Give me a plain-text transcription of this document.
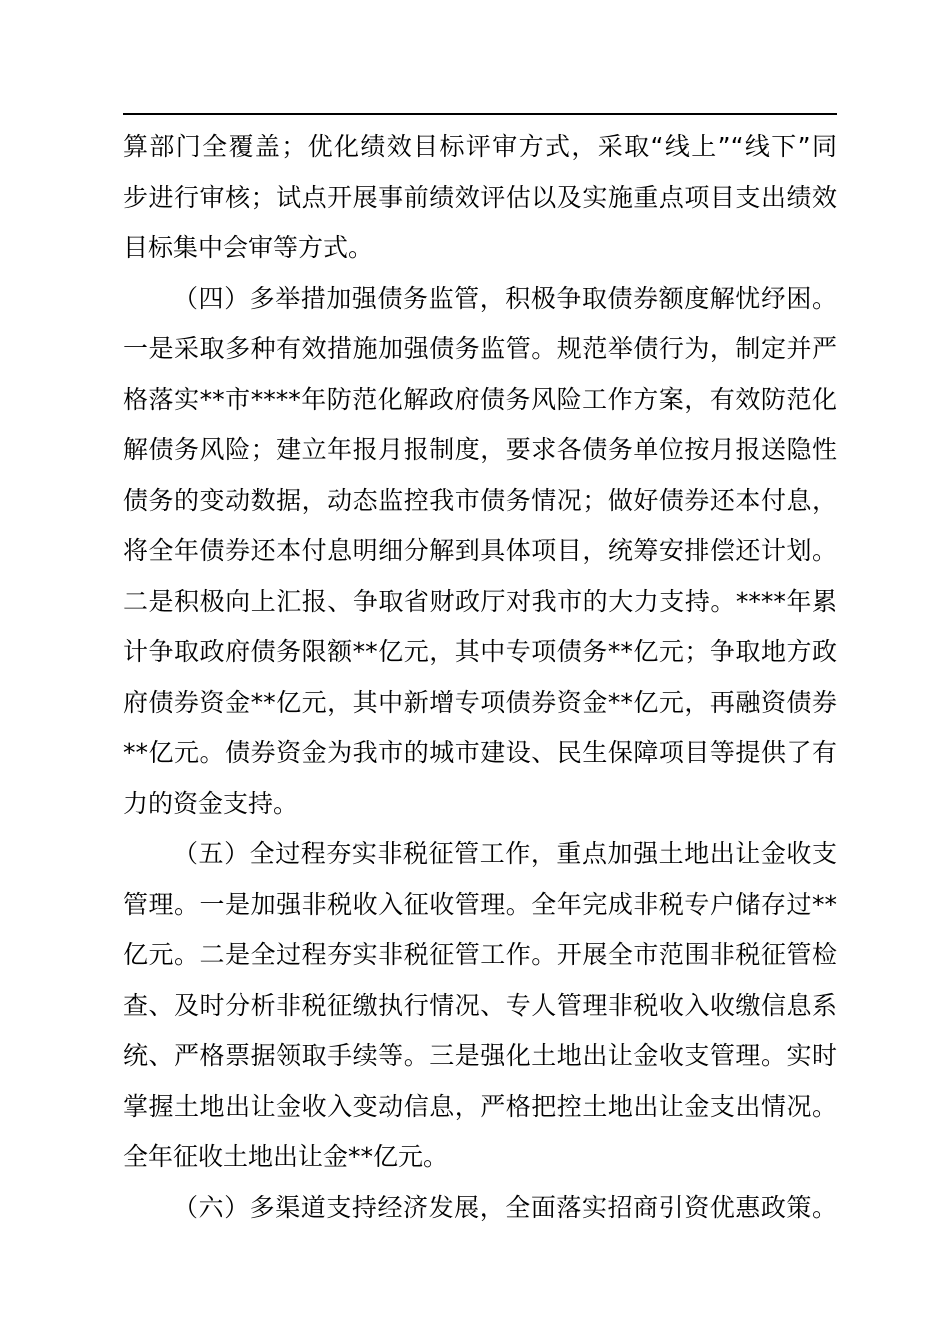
算部门全覆盖；优化绩效目标评审方式，采取“线上”“线下”同
步进行审核；试点开展事前绩效评估以及实施重点项目支出绩效
目标集中会审等方式。
（四）多举措加强债务监管，积极争取债券额度解忧纾困。
一是采取多种有效措施加强债务监管。规范举债行为，制定并严
格落实**市****年防范化解政府债务风险工作方案，有效防范化
解债务风险；建立年报月报制度，要求各债务单位按月报送隐性
债务的变动数据，动态监控我市债务情况；做好债券还本付息，
将全年债券还本付息明细分解到具体项目，统筹安排偿还计划。
二是积极向上汇报、争取省财政厅对我市的大力支持。****年累
计争取政府债务限额**亿元，其中专项债务**亿元；争取地方政
府债券资金**亿元，其中新增专项债券资金**亿元，再融资债券
**亿元。债券资金为我市的城市建设、民生保障项目等提供了有
力的资金支持。
（五）全过程夯实非税征管工作，重点加强土地出让金收支
管理。一是加强非税收入征收管理。全年完成非税专户储存过**
亿元。二是全过程夯实非税征管工作。开展全市范围非税征管检
查、及时分析非税征缴执行情况、专人管理非税收入收缴信息系
统、严格票据领取手续等。三是强化土地出让金收支管理。实时
掌握土地出让金收入变动信息，严格把控土地出让金支出情况。
全年征收土地出让金**亿元。
（六）多渠道支持经济发展，全面落实招商引资优惠政策。
